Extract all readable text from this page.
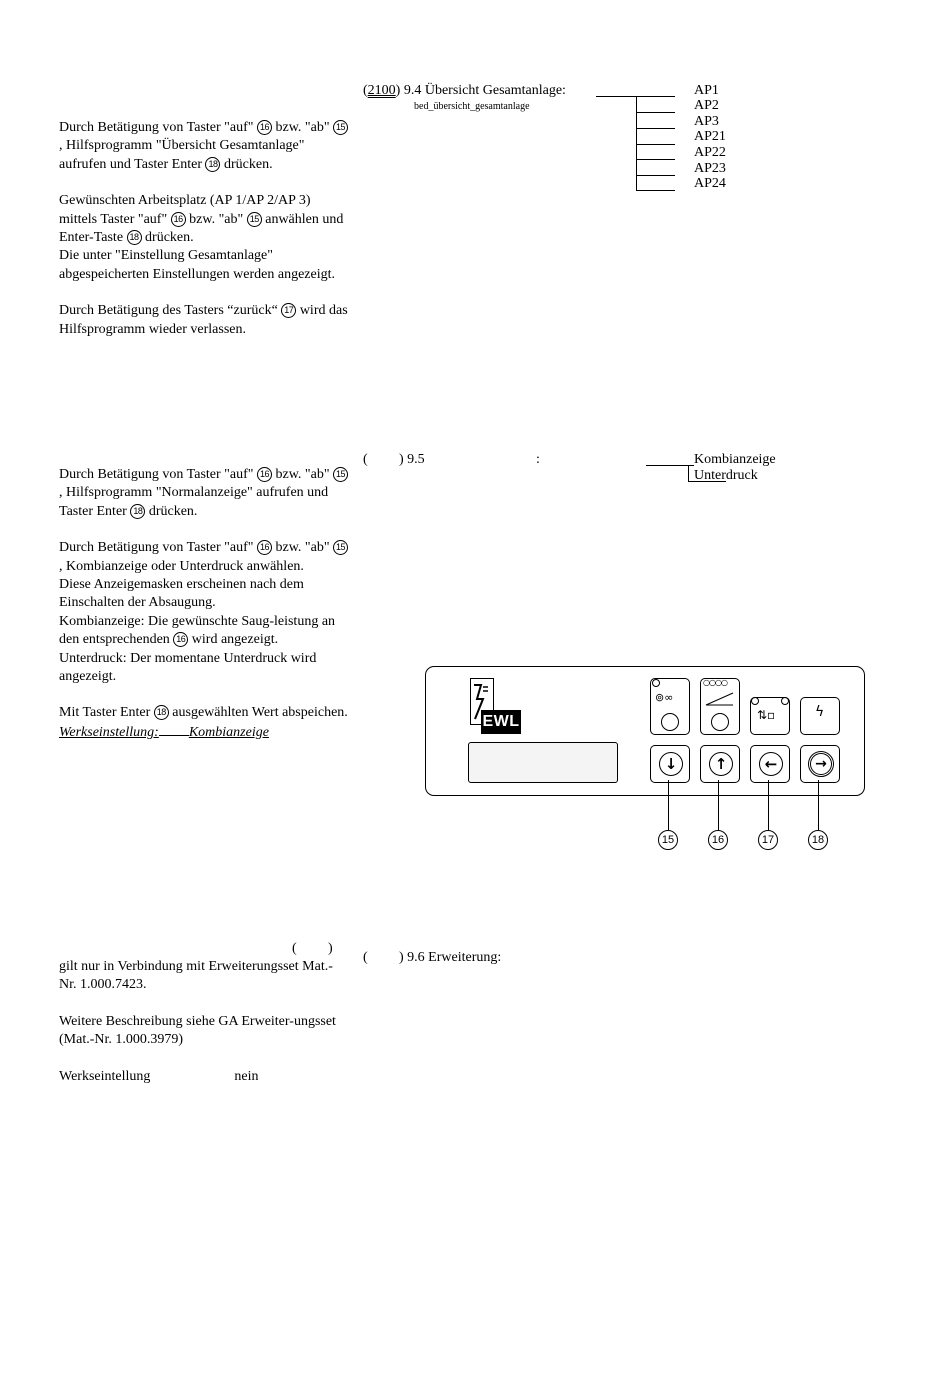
(2100) 9.4 Übersicht Gesamtanlage:
bed_übersicht_gesamtanlage
AP1
AP2
AP3
AP21
AP22
AP23
AP24

Durch Betätigung von Taster "auf" 16 bzw. "ab" 15, Hilfsprogramm "Übersicht Gesamtanlage" aufrufen und Taster Enter 18 drücken.

Gewünschten Arbeitsplatz (AP 1/AP 2/AP 3) mittels Taster "auf" 16 bzw. "ab" 15 anwählen und Enter-Taste 18 drücken.

Die unter "Einstellung Gesamtanlage" abgespeicherten Einstellungen werden angezeigt.

Durch Betätigung des Tasters “zurück“ 17 wird das Hilfsprogramm wieder verlassen.

( ) 9.5	:	Kombianzeige
Unterdruck

Durch Betätigung von Taster "auf" 16 bzw. "ab" 15, Hilfsprogramm "Normalanzeige" aufrufen und Taster Enter 18 drücken.

Durch Betätigung von Taster "auf" 16 bzw. "ab" 15, Kombianzeige oder Unterdruck anwählen.

Diese Anzeigemasken erscheinen nach dem Einschalten der Absaugung.

Kombianzeige: Die gewünschte Saug-leistung an den entsprechenden 16 wird angezeigt.

Unterdruck: Der momentane Unterdruck wird angezeigt.

Mit Taster Enter 18 ausgewählten Wert abspeichen.

Werkseinstellung: Kombianzeige

EWL
⊚∞
○○○○
⇅▫	ϟ
↓	↑	←	→
15	16	17	18
( ) 9.6 Erweiterung:
( )

gilt nur in Verbindung mit Erweiterungsset Mat.-Nr. 1.000.7423.

Weitere Beschreibung siehe GA Erweiter-ungsset (Mat.-Nr. 1.000.3979)

Werkseintellung	nein
